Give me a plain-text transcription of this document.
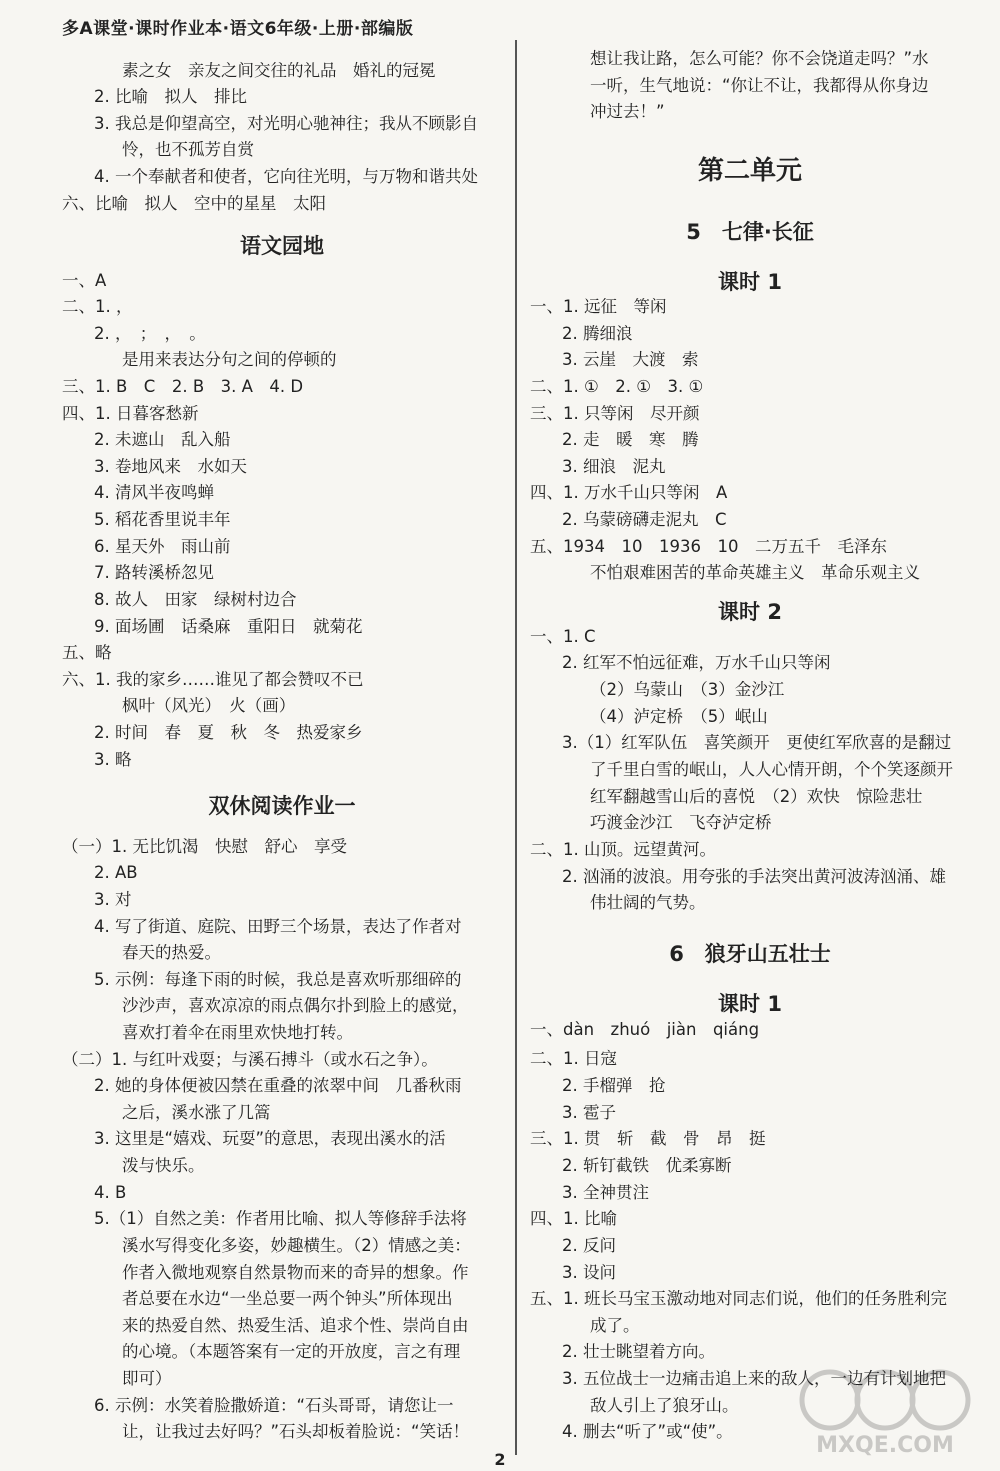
多A课堂·课时作业本·语文6年级·上册·部编版
素之女　亲友之间交往的礼品　婚礼的冠冕
2. 比喻　拟人　排比
3. 我总是仰望高空，对光明心驰神往；我从不顾影自
怜，也不孤芳自赏
4. 一个奉献者和使者，它向往光明，与万物和谐共处
六、比喻　拟人　空中的星星　太阳
语文园地
一、A
二、1. ，
2. ，　；　，　。
是用来表达分句之间的停顿的
三、1. B　C　2. B　3. A　4. D
四、1. 日暮客愁新
2. 未遮山　乱入船
3. 卷地风来　水如天
4. 清风半夜鸣蝉
5. 稻花香里说丰年
6. 星天外　雨山前
7. 路转溪桥忽见
8. 故人　田家　绿树村边合
9. 面场圃　话桑麻　重阳日　就菊花
五、略
六、1. 我的家乡……谁见了都会赞叹不已
枫叶（风光）　火（画）
2. 时间　春　夏　秋　冬　热爱家乡
3. 略
双休阅读作业一
（一）1. 无比饥渴　快慰　舒心　享受
2. AB
3. 对
4. 写了街道、庭院、田野三个场景，表达了作者对
春天的热爱。
5. 示例：每逢下雨的时候，我总是喜欢听那细碎的
沙沙声，喜欢凉凉的雨点偶尔扑到脸上的感觉，
喜欢打着伞在雨里欢快地打转。
（二）1. 与红叶戏耍；与溪石搏斗（或水石之争）。
2. 她的身体便被囚禁在重叠的浓翠中间　几番秋雨
之后，溪水涨了几篙
3. 这里是“嬉戏、玩耍”的意思，表现出溪水的活
泼与快乐。
4. B
5.（1）自然之美：作者用比喻、拟人等修辞手法将
溪水写得变化多姿，妙趣横生。（2）情感之美：
作者入微地观察自然景物而来的奇异的想象。作
者总要在水边“一坐总要一两个钟头”所体现出
来的热爱自然、热爱生活、追求个性、崇尚自由
的心境。（本题答案有一定的开放度，言之有理
即可）
6. 示例：水笑着脸撒娇道：“石头哥哥，请您让一
让，让我过去好吗？”石头却板着脸说：“笑话！
想让我让路，怎么可能？你不会饶道走吗？”水
一听，生气地说：“你让不让，我都得从你身边
冲过去！”
第二单元
5　七律·长征
课时 1
一、1. 远征　等闲
2. 腾细浪
3. 云崖　大渡　索
二、1. ①　2. ①　3. ①
三、1. 只等闲　尽开颜
2. 走　暖　寒　腾
3. 细浪　泥丸
四、1. 万水千山只等闲　A
2. 乌蒙磅礴走泥丸　C
五、1934　10　1936　10　二万五千　毛泽东
不怕艰难困苦的革命英雄主义　革命乐观主义
课时 2
一、1. C
2. 红军不怕远征难，万水千山只等闲
（2）乌蒙山　（3）金沙江
（4）泸定桥　（5）岷山
3.（1）红军队伍　喜笑颜开　更使红军欣喜的是翻过
了千里白雪的岷山，人人心情开朗，个个笑逐颜开
红军翻越雪山后的喜悦　（2）欢快　惊险悲壮
巧渡金沙江　飞夺泸定桥
二、1. 山顶。远望黄河。
2. 汹涌的波浪。用夸张的手法突出黄河波涛汹涌、雄
伟壮阔的气势。
6　狼牙山五壮士
课时 1
一、dàn　zhuó　jiàn　qiáng
二、1. 日寇
2. 手榴弹　抢
3. 雹子
三、1. 贯　斩　截　骨　昂　挺
2. 斩钉截铁　优柔寡断
3. 全神贯注
四、1. 比喻
2. 反问
3. 设问
五、1. 班长马宝玉激动地对同志们说，他们的任务胜利完
成了。
2. 壮士眺望着方向。
3. 五位战士一边痛击追上来的敌人，一边有计划地把
敌人引上了狼牙山。
4. 删去“听了”或“使”。
2
MXQE.COM
